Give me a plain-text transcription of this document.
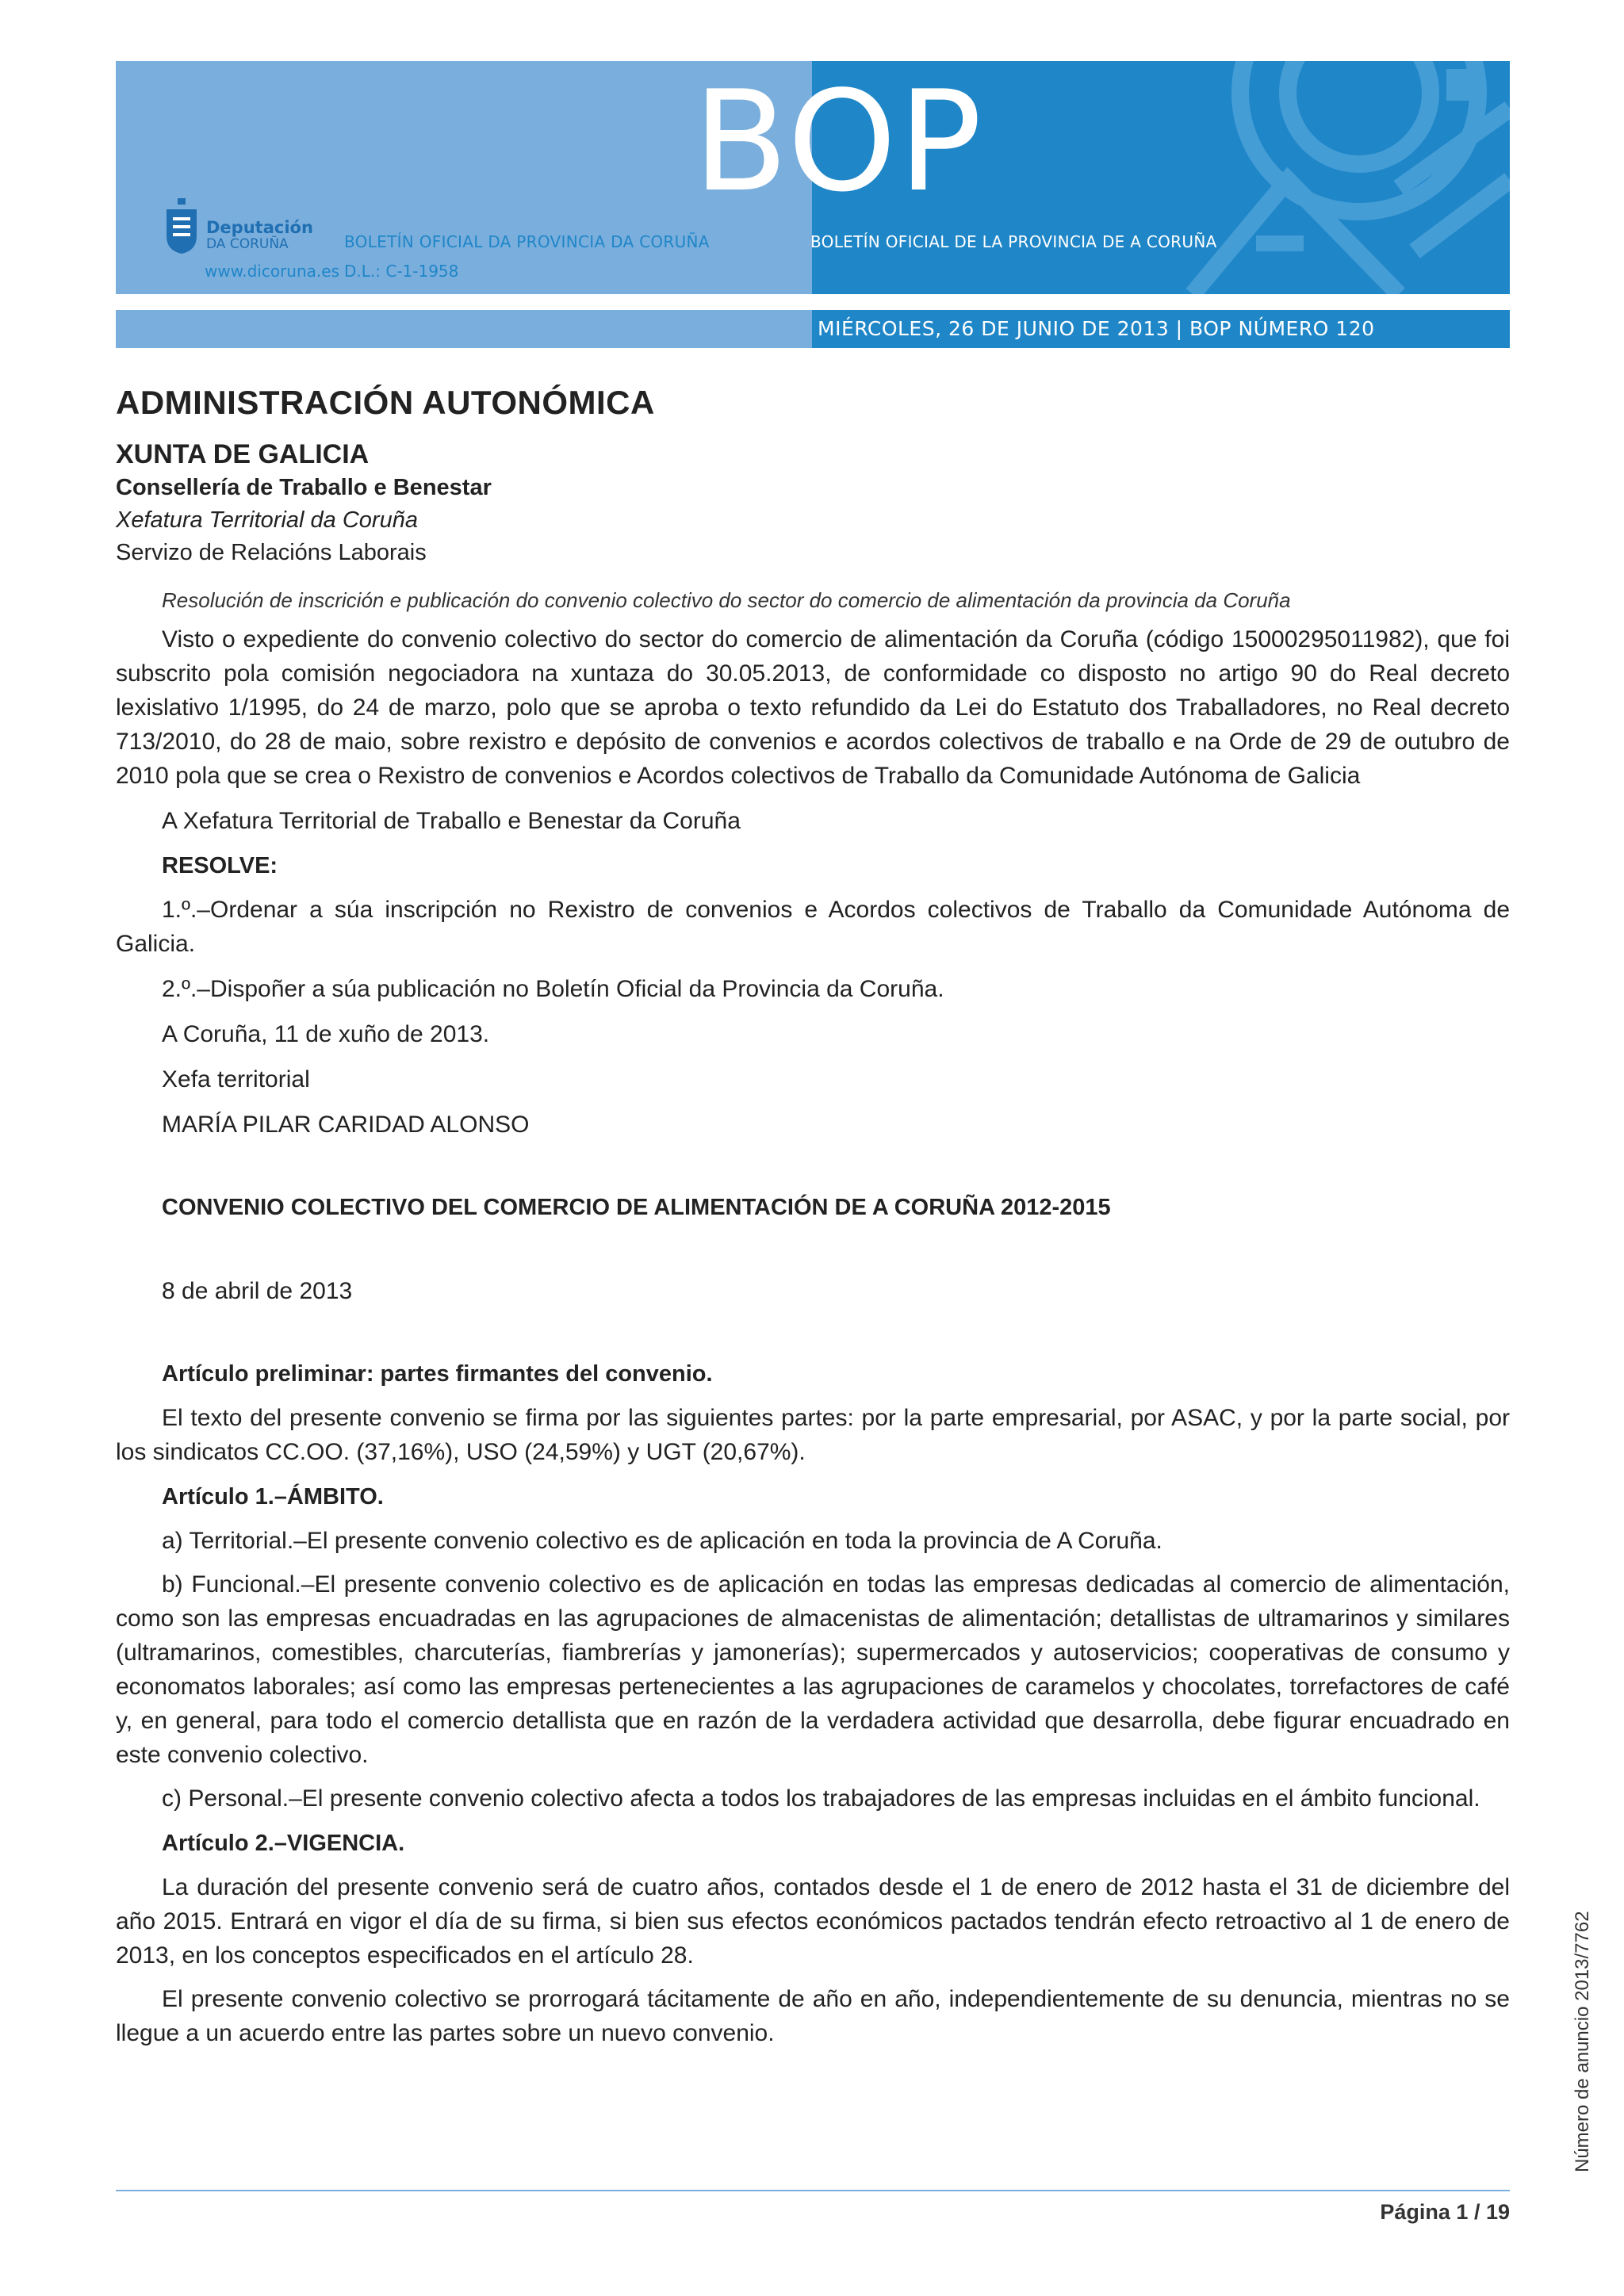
BOP
Deputación
DA CORUÑA
www.dicoruna.es
BOLETÍN OFICIAL DA PROVINCIA DA CORUÑA	BOLETÍN OFICIAL DE LA PROVINCIA DE A CORUÑA
D.L.: C-1-1958
MIÉRCOLES, 26 DE JUNIO DE 2013 | BOP NÚMERO 120
ADMINISTRACIÓN AUTONÓMICA
XUNTA DE GALICIA
Consellería de Traballo e Benestar
Xefatura Territorial da Coruña
Servizo de Relacións Laborais
Resolución de inscrición e publicación do convenio colectivo do sector do comercio de alimentación da provincia da Coruña

Visto o expediente do convenio colectivo do sector do comercio de alimentación da Coruña (código 15000295011982), que foi subscrito pola comisión negociadora na xuntaza do 30.05.2013, de conformidade co disposto no artigo 90 do Real decreto lexislativo 1/1995, do 24 de marzo, polo que se aproba o texto refundido da Lei do Estatuto dos Traballadores, no Real decreto 713/2010, do 28 de maio, sobre rexistro e depósito de convenios e acordos colectivos de traballo e na Orde de 29 de outubro de 2010 pola que se crea o Rexistro de convenios e Acordos colectivos de Traballo da Comunidade Autónoma de Galicia

A Xefatura Territorial de Traballo e Benestar da Coruña

RESOLVE:

1.º.–Ordenar a súa inscripción no Rexistro de convenios e Acordos colectivos de Traballo da Comunidade Autónoma de Galicia.

2.º.–Dispoñer a súa publicación no Boletín Oficial da Provincia da Coruña.

A Coruña, 11 de xuño de 2013.

Xefa territorial

MARÍA PILAR CARIDAD ALONSO

CONVENIO COLECTIVO DEL COMERCIO DE ALIMENTACIÓN DE A CORUÑA 2012-2015

8 de abril de 2013

Artículo preliminar: partes firmantes del convenio.

El texto del presente convenio se firma por las siguientes partes: por la parte empresarial, por ASAC, y por la parte social, por los sindicatos CC.OO. (37,16%), USO (24,59%) y UGT (20,67%).

Artículo 1.–ÁMBITO.

a) Territorial.–El presente convenio colectivo es de aplicación en toda la provincia de A Coruña.

b) Funcional.–El presente convenio colectivo es de aplicación en todas las empresas dedicadas al comercio de alimentación, como son las empresas encuadradas en las agrupaciones de almacenistas de alimentación; detallistas de ultramarinos y similares (ultramarinos, comestibles, charcuterías, fiambrerías y jamonerías); supermercados y autoservicios; cooperativas de consumo y economatos laborales; así como las empresas pertenecientes a las agrupaciones de caramelos y chocolates, torrefactores de café y, en general, para todo el comercio detallista que en razón de la verdadera actividad que desarrolla, debe figurar encuadrado en este convenio colectivo.

c) Personal.–El presente convenio colectivo afecta a todos los trabajadores de las empresas incluidas en el ámbito funcional.

Artículo 2.–VIGENCIA.

La duración del presente convenio será de cuatro años, contados desde el 1 de enero de 2012 hasta el 31 de diciembre del año 2015. Entrará en vigor el día de su firma, si bien sus efectos económicos pactados tendrán efecto retroactivo al 1 de enero de 2013, en los conceptos especificados en el artículo 28.

El presente convenio colectivo se prorrogará tácitamente de año en año, independientemente de su denuncia, mientras no se llegue a un acuerdo entre las partes sobre un nuevo convenio.

Página 1 / 19
Número de anuncio 2013/7762
